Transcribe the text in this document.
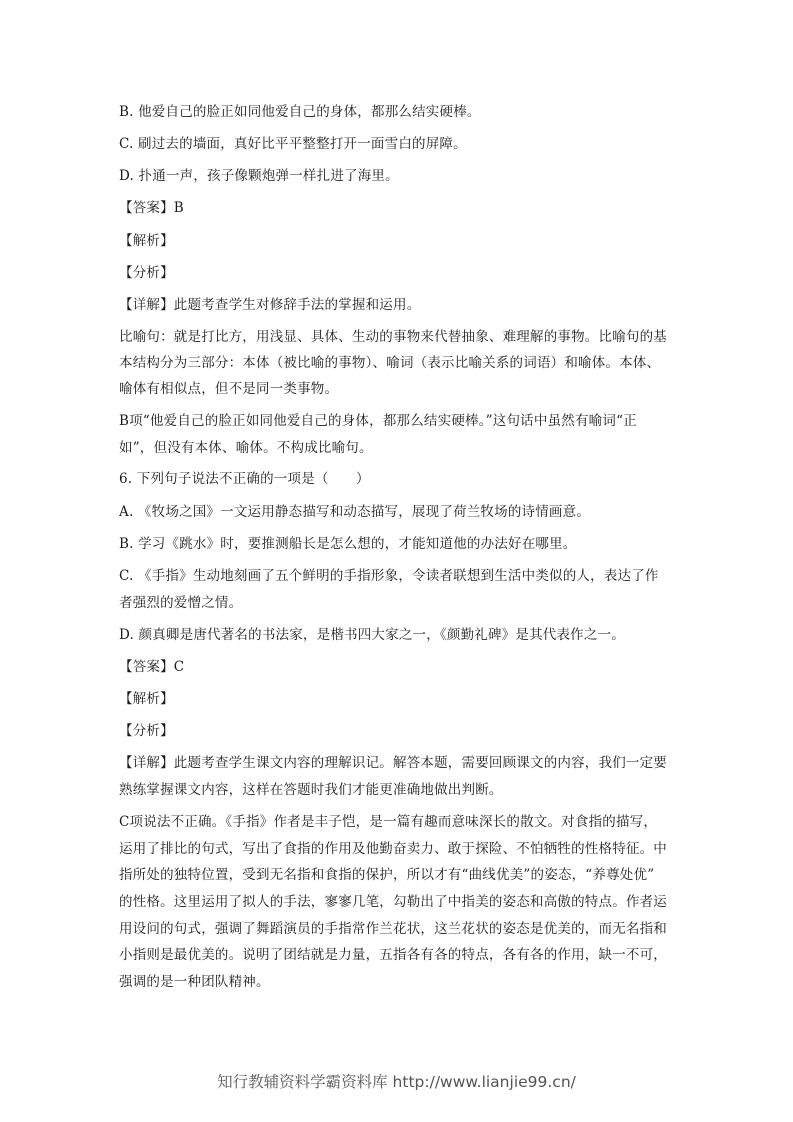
B. 他爱自己的脸正如同他爱自己的身体，都那么结实硬棒。
C. 刷过去的墙面，真好比平平整整打开一面雪白的屏障。
D. 扑通一声，孩子像颗炮弹一样扎进了海里。
【答案】B
【解析】
【分析】
【详解】此题考查学生对修辞手法的掌握和运用。
比喻句：就是打比方，用浅显、具体、生动的事物来代替抽象、难理解的事物。比喻句的基
本结构分为三部分：本体（被比喻的事物）、喻词（表示比喻关系的词语）和喻体。本体、
喻体有相似点，但不是同一类事物。
B项“他爱自己的脸正如同他爱自己的身体，都那么结实硬棒。”这句话中虽然有喻词“正
如”，但没有本体、喻体。不构成比喻句。
6. 下列句子说法不正确的一项是（　　）
A. 《牧场之国》一文运用静态描写和动态描写，展现了荷兰牧场的诗情画意。
B. 学习《跳水》时，要推测船长是怎么想的，才能知道他的办法好在哪里。
C. 《手指》生动地刻画了五个鲜明的手指形象，令读者联想到生活中类似的人，表达了作
者强烈的爱憎之情。
D. 颜真卿是唐代著名的书法家，是楷书四大家之一，《颜勤礼碑》是其代表作之一。
【答案】C
【解析】
【分析】
【详解】此题考查学生课文内容的理解识记。解答本题，需要回顾课文的内容，我们一定要
熟练掌握课文内容，这样在答题时我们才能更准确地做出判断。
C项说法不正确。《手指》作者是丰子恺，是一篇有趣而意味深长的散文。对食指的描写，
运用了排比的句式，写出了食指的作用及他勤奋卖力、敢于探险、不怕牺牲的性格特征。中
指所处的独特位置，受到无名指和食指的保护，所以才有“曲线优美”的姿态，“养尊处优”
的性格。这里运用了拟人的手法，寥寥几笔，勾勒出了中指美的姿态和高傲的特点。作者运
用设问的句式，强调了舞蹈演员的手指常作兰花状，这兰花状的姿态是优美的，而无名指和
小指则是最优美的。说明了团结就是力量，五指各有各的特点，各有各的作用，缺一不可，
强调的是一种团队精神。
知行教辅资料学霸资料库 http://www.lianjie99.cn/
